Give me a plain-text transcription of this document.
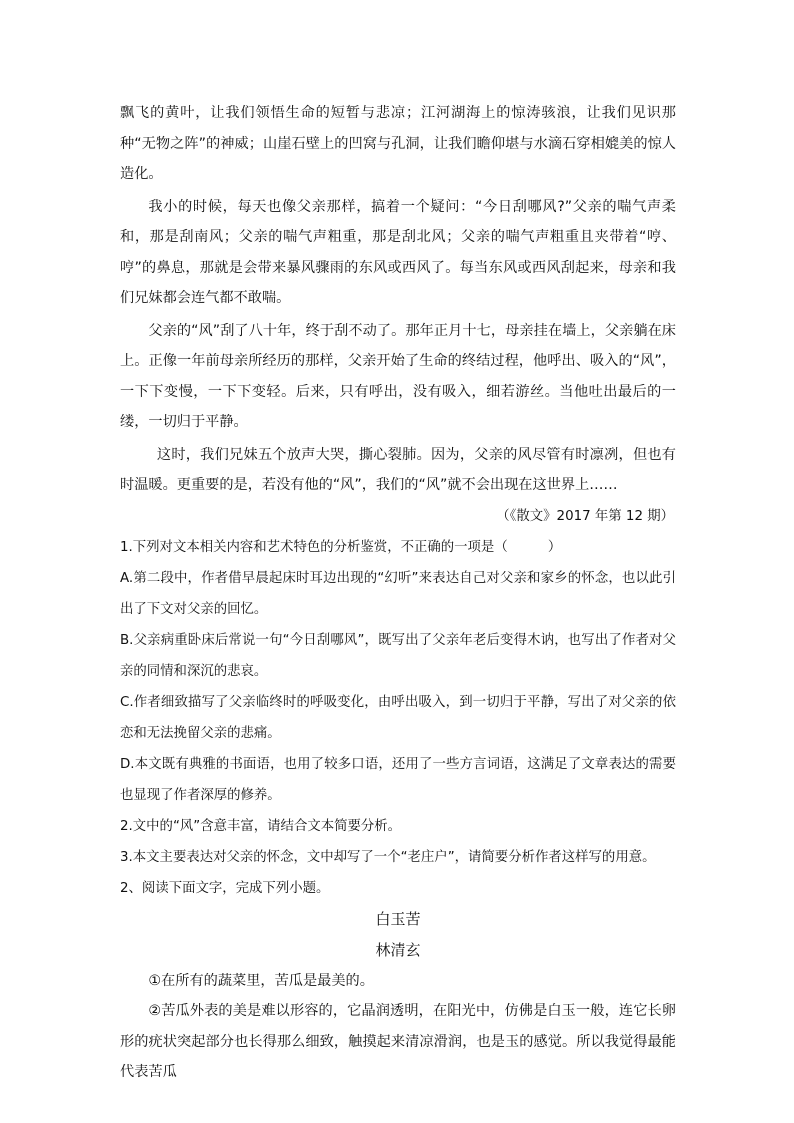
飘飞的黄叶，让我们领悟生命的短暂与悲凉；江河湖海上的惊涛骇浪，让我们见识那种“无物之阵”的神威；山崖石壁上的凹窝与孔洞，让我们瞻仰堪与水滴石穿相媲美的惊人造化。

我小的时候，每天也像父亲那样，搞着一个疑问：“今日刮哪风?”父亲的喘气声柔和，那是刮南风；父亲的喘气声粗重，那是刮北风；父亲的喘气声粗重且夹带着“哼、哼”的鼻息，那就是会带来暴风骤雨的东风或西风了。每当东风或西风刮起来，母亲和我们兄妹都会连气都不敢喘。

父亲的“风”刮了八十年，终于刮不动了。那年正月十七，母亲挂在墙上，父亲躺在床上。正像一年前母亲所经历的那样，父亲开始了生命的终结过程，他呼出、吸入的“风”，一下下变慢，一下下变轻。后来，只有呼出，没有吸入，细若游丝。当他吐出最后的一缕，一切归于平静。

这时，我们兄妹五个放声大哭，撕心裂肺。因为，父亲的风尽管有时凛冽，但也有时温暖。更重要的是，若没有他的“风”，我们的“风”就不会出现在这世界上……

（《散文》2017 年第 12 期）

1.下列对文本相关内容和艺术特色的分析鉴赏，不正确的一项是（　　　）

A.第二段中，作者借早晨起床时耳边出现的“幻听”来表达自己对父亲和家乡的怀念，也以此引出了下文对父亲的回忆。

B.父亲病重卧床后常说一句“今日刮哪风”，既写出了父亲年老后变得木讷，也写出了作者对父亲的同情和深沉的悲哀。

C.作者细致描写了父亲临终时的呼吸变化，由呼出吸入，到一切归于平静，写出了对父亲的依恋和无法挽留父亲的悲痛。

D.本文既有典雅的书面语，也用了较多口语，还用了一些方言词语，这满足了文章表达的需要也显现了作者深厚的修养。

2.文中的“风”含意丰富，请结合文本简要分析。

3.本文主要表达对父亲的怀念，文中却写了一个“老庄户”，请简要分析作者这样写的用意。

2、阅读下面文字，完成下列小题。

白玉苦

林清玄

①在所有的蔬菜里，苦瓜是最美的。

②苦瓜外表的美是难以形容的，它晶润透明，在阳光中，仿佛是白玉一般，连它长卵形的疣状突起部分也长得那么细致，触摸起来清凉滑润，也是玉的感觉。所以我觉得最能代表苦瓜
